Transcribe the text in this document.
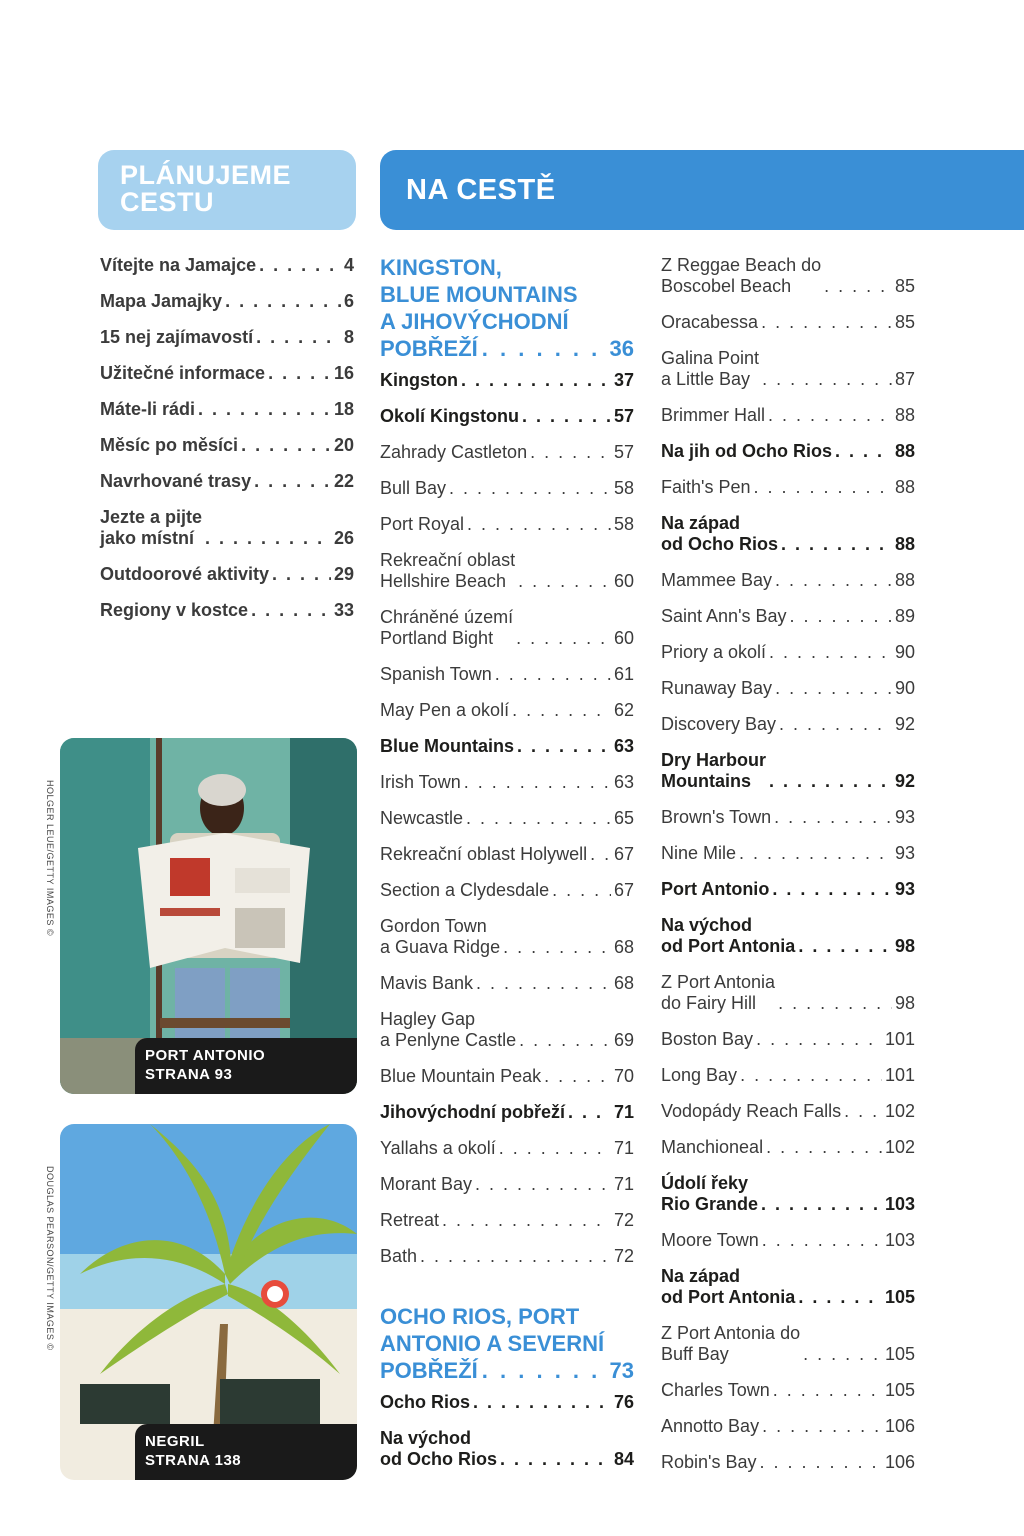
PLÁNUJEME
CESTU	NA CESTĚ
Vítejte na Jamajce . . .	4
Mapa Jamajky . . .	6
15 nej zajímavostí . . .	8
Užitečné informace . . .	16
Máte-li rádi . . .	18
Měsíc po měsíci . . .	20
Navrhované trasy . . .	22
Jezte a pijte
jako místní . . .	26
Outdoorové aktivity . . .	29
Regiony v kostce . . .	33
KINGSTON,
BLUE MOUNTAINS
A JIHOVÝCHODNÍ
POBŘEŽÍ . . .	36
Kingston . . .	37
Okolí Kingstonu . . .	57
Zahrady Castleton . . .	57
Bull Bay . . .	58
Port Royal . . .	58
Rekreační oblast
Hellshire Beach . . .	60
Chráněné území
Portland Bight . . .	60
Spanish Town . . .	61
May Pen a okolí . . .	62
Blue Mountains . . .	63
Irish Town . . .	63
Newcastle . . .	65
Rekreační oblast Holywell . . . 67
Section a Clydesdale . . .	67
Gordon Town
a Guava Ridge . . .	68
Mavis Bank . . .	68
Hagley Gap
a Penlyne Castle . . .	69
Blue Mountain Peak . . .	70
Jihovýchodní pobřeží . . .	71
Yallahs a okolí . . .	71
Morant Bay . . .	71
Retreat . . .	72
Bath . . .	72
OCHO RIOS, PORT
ANTONIO A SEVERNÍ
POBŘEŽÍ . . .	73
Ocho Rios . . .	76
Na východ
od Ocho Rios . . .	84
Z Reggae Beach do
Boscobel Beach . . .	85
Oracabessa . . .	85
Galina Point
a Little Bay . . .	87
Brimmer Hall . . .	88
Na jih od Ocho Rios . . .	88
Faith's Pen . . .	88
Na západ
od Ocho Rios . . .	88
Mammee Bay . . .	88
Saint Ann's Bay . . .	89
Priory a okolí . . .	90
Runaway Bay . . .	90
Discovery Bay . . .	92
Dry Harbour
Mountains . . .	92
Brown's Town . . .	93
Nine Mile . . .	93
Port Antonio . . .	93
Na východ
od Port Antonia . . .	98
Z Port Antonia
do Fairy Hill . . .	98
Boston Bay . . .	101
Long Bay . . .	101
Vodopády Reach Falls . . . 102
Manchioneal . . .	102
Údolí řeky
Rio Grande . . .	103
Moore Town . . .	103
Na západ
od Port Antonia . . .	105
Z Port Antonia do
Buff Bay . . .	105
Charles Town . . .	105
Annotto Bay . . .	106
Robin's Bay . . .	106
PORT ANTONIO
STRANA 93
HOLGER LEUE/GETTY IMAGES ©
NEGRIL
STRANA 138
DOUGLAS PEARSON/GETTY IMAGES ©
